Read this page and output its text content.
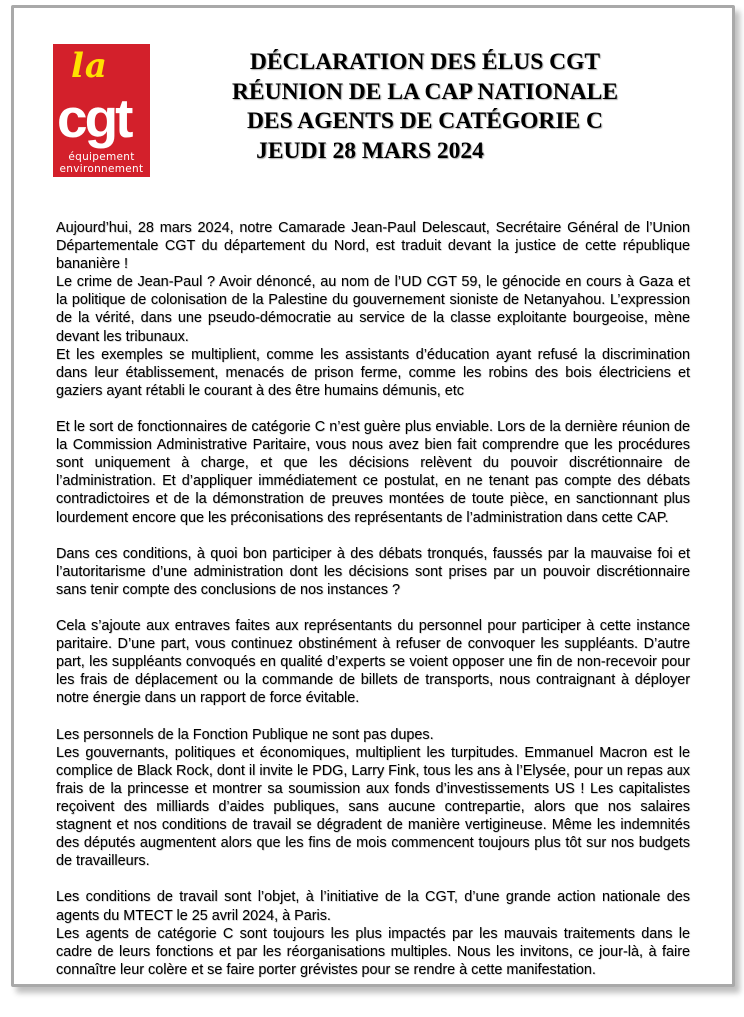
la
cgt
équipement
environnement
DÉCLARATION DES ÉLUS CGT
RÉUNION DE LA CAP NATIONALE
DES AGENTS DE CATÉGORIE C

JEUDI 28 MARS 2024

Aujourd’hui, 28 mars 2024, notre Camarade Jean-Paul Delescaut, Secrétaire Général de l’Union Départementale CGT du département du Nord, est traduit devant la justice de cette république bananière !

Le crime de Jean-Paul ? Avoir dénoncé, au nom de l’UD CGT 59, le génocide en cours à Gaza et la politique de colonisation de la Palestine du gouvernement sioniste de Netanyahou. L’expression de la vérité, dans une pseudo-démocratie au service de la classe exploitante bourgeoise, mène devant les tribunaux.

Et les exemples se multiplient, comme les assistants d’éducation ayant refusé la discrimination dans leur établissement, menacés de prison ferme, comme les robins des bois électriciens et gaziers ayant rétabli le courant à des être humains démunis, etc

Et le sort de fonctionnaires de catégorie C n’est guère plus enviable. Lors de la dernière réunion de la Commission Administrative Paritaire, vous nous avez bien fait comprendre que les procédures sont uniquement à charge, et que les décisions relèvent du pouvoir discrétionnaire de l’administration. Et d’appliquer immédiatement ce postulat, en ne tenant pas compte des débats contradictoires et de la démonstration de preuves montées de toute pièce, en sanctionnant plus lourdement encore que les préconisations des représentants de l’administration dans cette CAP.

Dans ces conditions, à quoi bon participer à des débats tronqués, faussés par la mauvaise foi et l’autoritarisme d’une administration dont les décisions sont prises par un pouvoir discrétionnaire sans tenir compte des conclusions de nos instances ?

Cela s’ajoute aux entraves faites aux représentants du personnel pour participer à cette instance paritaire. D’une part, vous continuez obstinément à refuser de convoquer les suppléants. D’autre part, les suppléants convoqués en qualité d’experts se voient opposer une fin de non-recevoir pour les frais de déplacement ou la commande de billets de transports, nous contraignant à déployer notre énergie dans un rapport de force évitable.

Les personnels de la Fonction Publique ne sont pas dupes.

Les gouvernants, politiques et économiques, multiplient les turpitudes. Emmanuel Macron est le complice de Black Rock, dont il invite le PDG, Larry Fink, tous les ans à l’Elysée, pour un repas aux frais de la princesse et montrer sa soumission aux fonds d’investissements US ! Les capitalistes reçoivent des milliards d’aides publiques, sans aucune contrepartie, alors que nos salaires stagnent et nos conditions de travail se dégradent de manière vertigineuse. Même les indemnités des députés augmentent alors que les fins de mois commencent toujours plus tôt sur nos budgets de travailleurs.

Les conditions de travail sont l’objet, à l’initiative de la CGT, d’une grande action nationale des agents du MTECT le 25 avril 2024, à Paris.

Les agents de catégorie C sont toujours les plus impactés par les mauvais traitements dans le cadre de leurs fonctions et par les réorganisations multiples. Nous les invitons, ce jour-là, à faire connaître leur colère et se faire porter grévistes pour se rendre à cette manifestation.
